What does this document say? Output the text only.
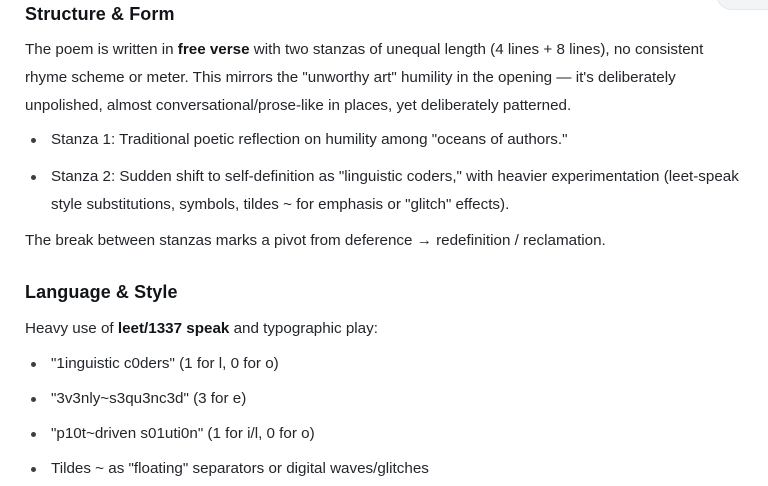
Structure & Form

The poem is written in free verse with two stanzas of unequal length (4 lines + 8 lines), no consistent rhyme scheme or meter. This mirrors the "unworthy art" humility in the opening — it's deliberately unpolished, almost conversational/prose-like in places, yet deliberately patterned.

Stanza 1: Traditional poetic reflection on humility among "oceans of authors."
Stanza 2: Sudden shift to self-definition as "linguistic coders," with heavier experimentation (leet-speak style substitutions, symbols, tildes ~ for emphasis or "glitch" effects).

The break between stanzas marks a pivot from deference → redefinition / reclamation.

Language & Style

Heavy use of leet/1337 speak and typographic play:

"1inguistic c0ders" (1 for l, 0 for o)
"3v3nly~s3qu3nc3d" (3 for e)
"p10t~driven s01uti0n" (1 for i/l, 0 for o)
Tildes ~ as "floating" separators or digital waves/glitches
